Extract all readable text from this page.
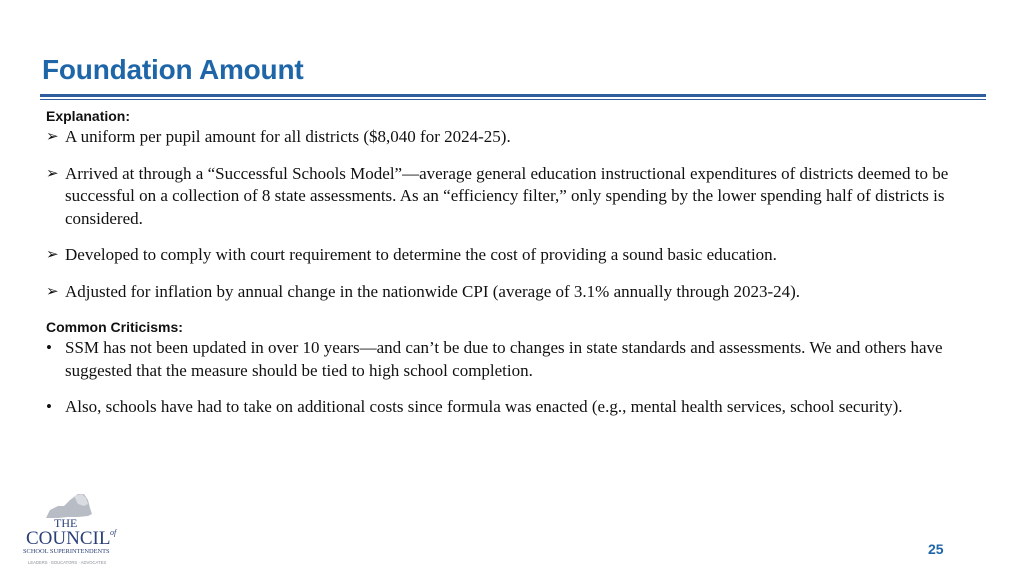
Foundation Amount
Explanation:
➢ A uniform per pupil amount for all districts ($8,040 for 2024-25).
➢ Arrived at through a “Successful Schools Model”—average general education instructional expenditures of districts deemed to be successful on a collection of 8 state assessments. As an “efficiency filter,” only spending by the lower spending half of districts is considered.
➢ Developed to comply with court requirement to determine the cost of providing a sound basic education.
➢ Adjusted for inflation by annual change in the nationwide CPI (average of 3.1% annually through 2023-24).
Common Criticisms:
• SSM has not been updated in over 10 years—and can’t be due to changes in state standards and assessments. We and others have suggested that the measure should be tied to high school completion.
• Also, schools have had to take on additional costs since formula was enacted (e.g., mental health services, school security).
THE
COUNCIL of
SCHOOL SUPERINTENDENTS
LEADERS · EDUCATORS · ADVOCATES
25
